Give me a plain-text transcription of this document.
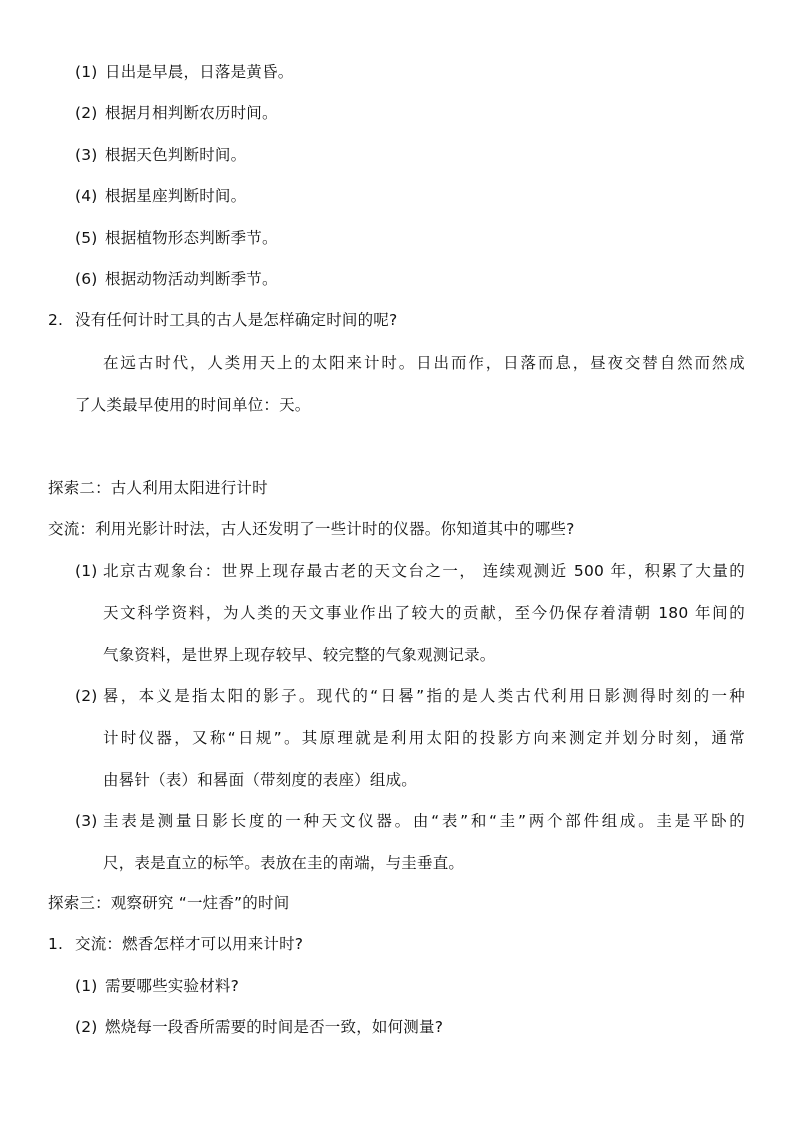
(1) 日出是早晨，日落是黄昏。
(2) 根据月相判断农历时间。
(3) 根据天色判断时间。
(4) 根据星座判断时间。
(5) 根据植物形态判断季节。
(6) 根据动物活动判断季节。
2. 没有任何计时工具的古人是怎样确定时间的呢?
在远古时代，人类用天上的太阳来计时。日出而作，日落而息，昼夜交替自然而然成
了人类最早使用的时间单位：天。
探索二：古人利用太阳进行计时
交流：利用光影计时法，古人还发明了一些计时的仪器。你知道其中的哪些?
(1) 北京古观象台：世界上现存最古老的天文台之一， 连续观测近 500 年，积累了大量的
天文科学资料，为人类的天文事业作出了较大的贡献，至今仍保存着清朝 180 年间的
气象资料，是世界上现存较早、较完整的气象观测记录。
(2) 晷，本义是指太阳的影子。现代的“日晷”指的是人类古代利用日影测得时刻的一种
计时仪器，又称“日规”。其原理就是利用太阳的投影方向来测定并划分时刻，通常
由晷针（表）和晷面（带刻度的表座）组成。
(3) 圭表是测量日影长度的一种天文仪器。由“表”和“圭”两个部件组成。圭是平卧的
尺，表是直立的标竿。表放在圭的南端，与圭垂直。
探索三：观察研究 “一炷香”的时间
1. 交流：燃香怎样才可以用来计时?
(1) 需要哪些实验材料?
(2) 燃烧每一段香所需要的时间是否一致，如何测量?
